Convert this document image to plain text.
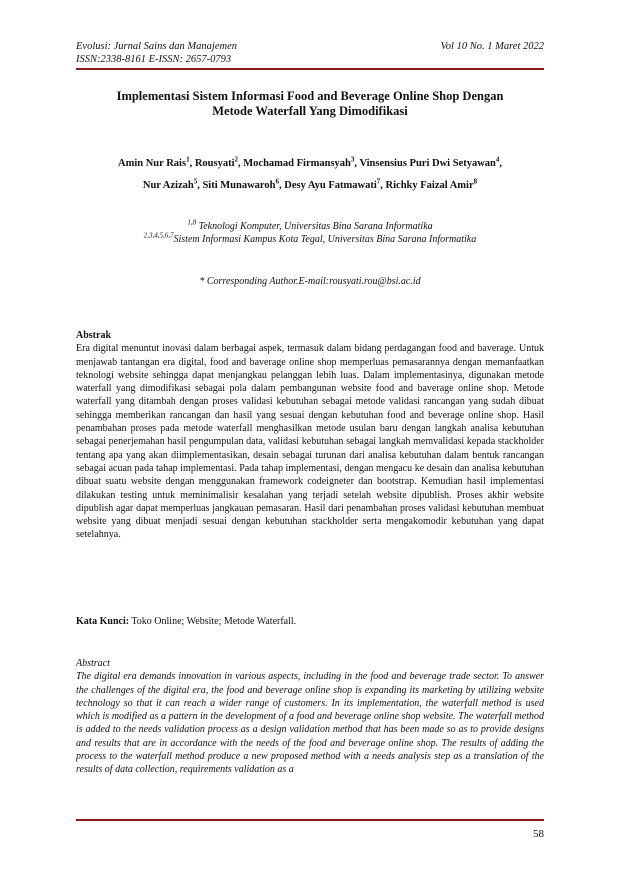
Evolusi: Jurnal Sains dan Manajemen	Vol 10 No. 1 Maret 2022
ISSN:2338-8161 E-ISSN: 2657-0793
Implementasi Sistem Informasi Food and Beverage Online Shop Dengan
Metode Waterfall Yang Dimodifikasi
Amin Nur Rais$^1$, Rousyati$^2$, Mochamad Firmansyah$^3$, Vinsensius Puri Dwi Setyawan$^4$,
Nur Azizah$^5$, Siti Munawaroh$^6$, Desy Ayu Fatmawati$^7$, Richky Faizal Amir$^8$
$^{1,8}$ Teknologi Komputer, Universitas Bina Sarana Informatika
$^{2,3,4,5,6,7}$Sistem Informasi Kampus Kota Tegal, Universitas Bina Sarana Informatika
* Corresponding Author.E-mail:rousyati.rou@bsi.ac.id
Abstrak
Era digital menuntut inovasi dalam berbagai aspek, termasuk dalam bidang perdagangan food and baverage. Untuk menjawab tantangan era digital, food and baverage online shop memperluas pemasarannya dengan memanfaatkan teknologi website sehingga dapat menjangkau pelanggan lebih luas. Dalam implementasinya, digunakan metode waterfall yang dimodifikasi sebagai pola dalam pembangunan website food and baverage online shop. Metode waterfall yang ditambah dengan proses validasi kebutuhan sebagai metode validasi rancangan yang sudah dibuat sehingga memberikan rancangan dan hasil yang sesuai dengan kebutuhan food and beverage online shop. Hasil penambahan proses pada metode waterfall menghasilkan metode usulan baru dengan langkah analisa kebutuhan sebagai penerjemahan hasil pengumpulan data, validasi kebutuhan sebagai langkah memvalidasi kepada stackholder tentang apa yang akan diimplementasikan, desain sebagai turunan dari analisa kebutuhan dalam bentuk rancangan sebagai acuan pada tahap implementasi. Pada tahap implementasi, dengan mengacu ke desain dan analisa kebutuhan dibuat suatu website dengan menggunakan framework codeigneter dan bootstrap. Kemudian hasil implementasi dilakukan testing untuk meminimalisir kesalahan yang terjadi setelah website dipublish. Proses akhir website dipublish agar dapat memperluas jangkauan pemasaran. Hasil dari penambahan proses validasi kebutuhan membuat website yang dibuat menjadi sesuai dengan kebutuhan stackholder serta mengakomodir kebutuhan yang dapat setelahnya.
Kata Kunci: Toko Online; Website; Metode Waterfall.
Abstract
The digital era demands innovation in various aspects, including in the food and beverage trade sector. To answer the challenges of the digital era, the food and beverage online shop is expanding its marketing by utilizing website technology so that it can reach a wider range of customers. In its implementation, the waterfall method is used which is modified as a pattern in the development of a food and beverage online shop website. The waterfall method is added to the needs validation process as a design validation method that has been made so as to provide designs and results that are in accordance with the needs of the food and beverage online shop. The results of adding the process to the waterfall method produce a new proposed method with a needs analysis step as a translation of the results of data collection, requirements validation as a
58
